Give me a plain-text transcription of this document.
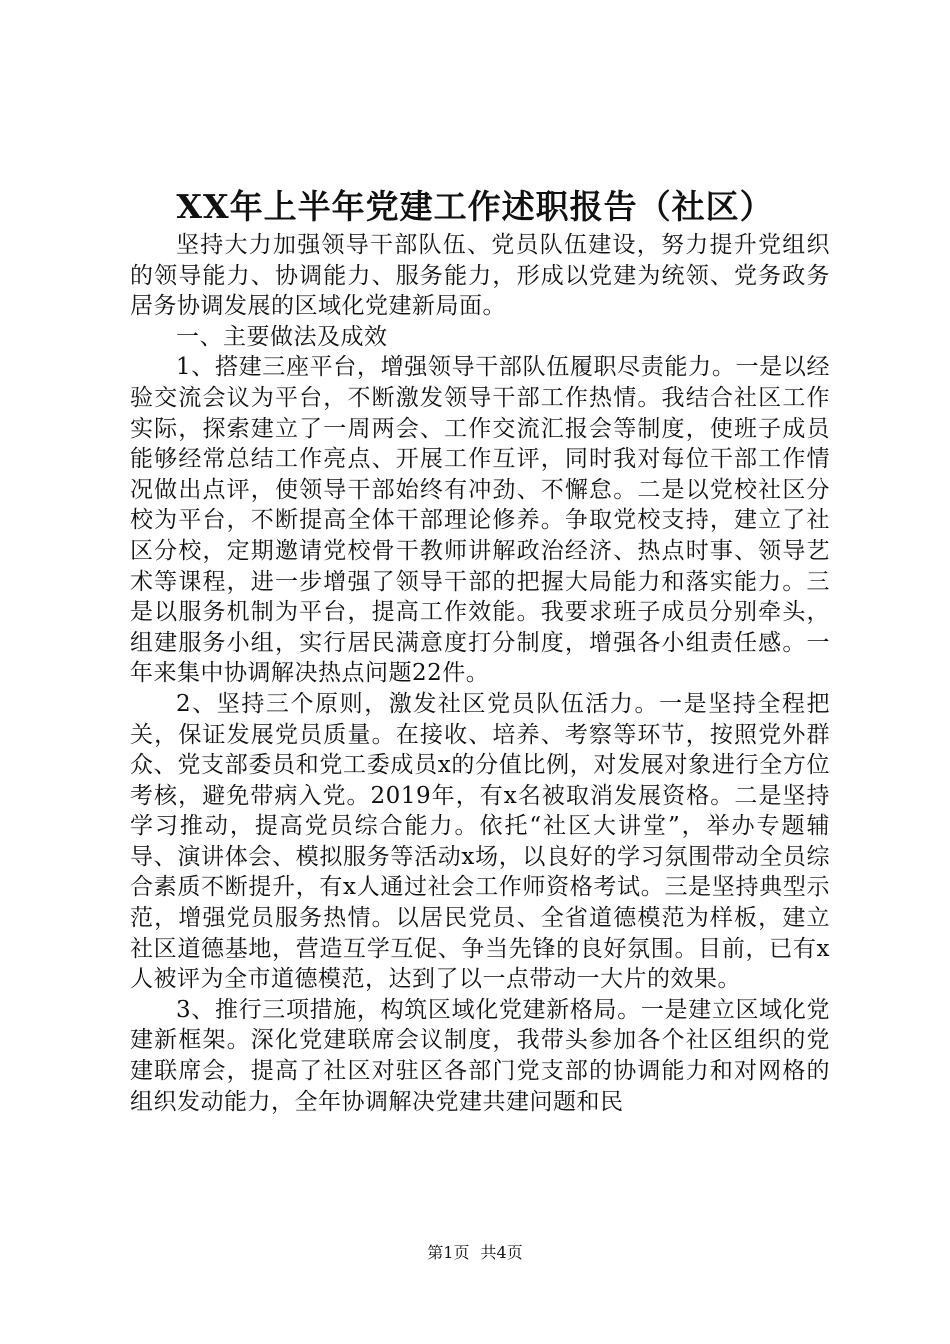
XX年上半年党建工作述职报告（社区）

坚持大力加强领导干部队伍、党员队伍建设，努力提升党组织的领导能力、协调能力、服务能力，形成以党建为统领、党务政务居务协调发展的区域化党建新局面。

一、主要做法及成效

1、搭建三座平台，增强领导干部队伍履职尽责能力。一是以经验交流会议为平台，不断激发领导干部工作热情。我结合社区工作实际，探索建立了一周两会、工作交流汇报会等制度，使班子成员能够经常总结工作亮点、开展工作互评，同时我对每位干部工作情况做出点评，使领导干部始终有冲劲、不懈怠。二是以党校社区分校为平台，不断提高全体干部理论修养。争取党校支持，建立了社区分校，定期邀请党校骨干教师讲解政治经济、热点时事、领导艺术等课程，进一步增强了领导干部的把握大局能力和落实能力。三是以服务机制为平台，提高工作效能。我要求班子成员分别牵头，组建服务小组，实行居民满意度打分制度，增强各小组责任感。一年来集中协调解决热点问题22件。

2、坚持三个原则，激发社区党员队伍活力。一是坚持全程把关，保证发展党员质量。在接收、培养、考察等环节，按照党外群众、党支部委员和党工委成员x的分值比例，对发展对象进行全方位考核，避免带病入党。2019年，有x名被取消发展资格。二是坚持学习推动，提高党员综合能力。依托“社区大讲堂”，举办专题辅导、演讲体会、模拟服务等活动x场，以良好的学习氛围带动全员综合素质不断提升，有x人通过社会工作师资格考试。三是坚持典型示范，增强党员服务热情。以居民党员、全省道德模范为样板，建立社区道德基地，营造互学互促、争当先锋的良好氛围。目前，已有x人被评为全市道德模范，达到了以一点带动一大片的效果。

3、推行三项措施，构筑区域化党建新格局。一是建立区域化党建新框架。深化党建联席会议制度，我带头参加各个社区组织的党建联席会，提高了社区对驻区各部门党支部的协调能力和对网格的组织发动能力，全年协调解决党建共建问题和民

第1页 共4页
